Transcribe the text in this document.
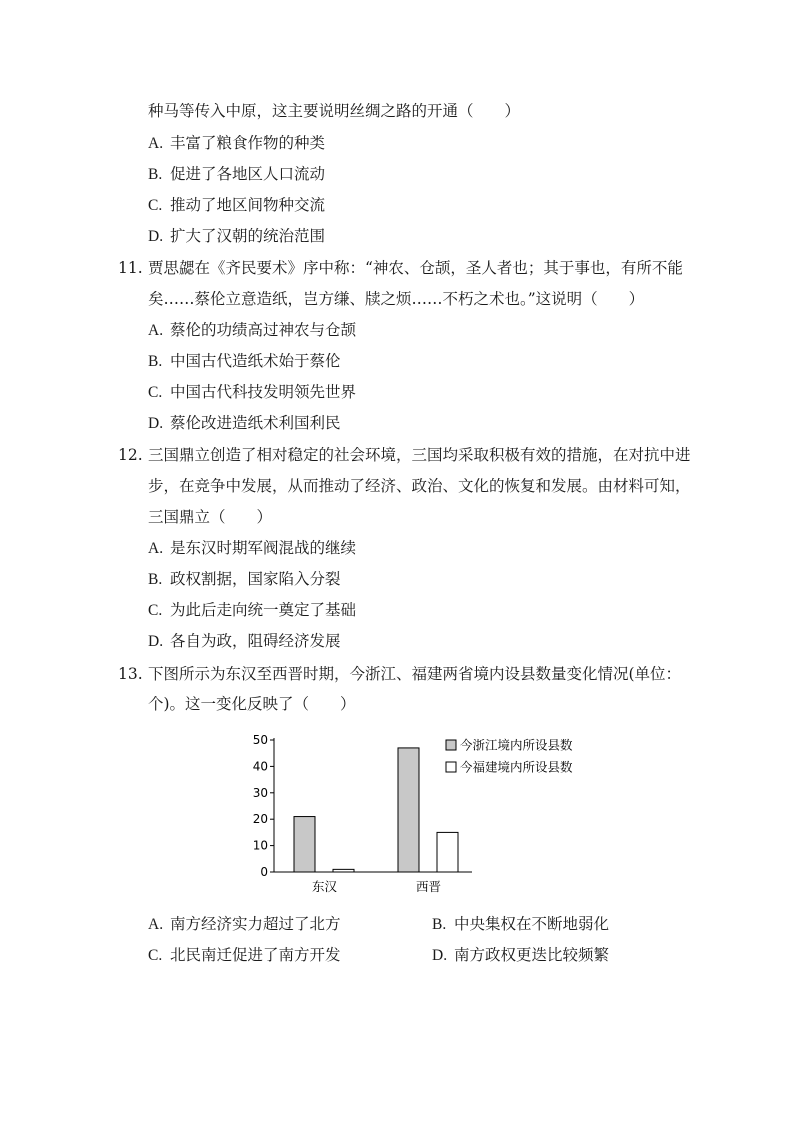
种马等传入中原，这主要说明丝绸之路的开通（　　）
A. 丰富了粮食作物的种类
B. 促进了各地区人口流动
C. 推动了地区间物种交流
D. 扩大了汉朝的统治范围
11. 贾思勰在《齐民要术》序中称：“神农、仓颉，圣人者也；其于事也，有所不能
矣……蔡伦立意造纸，岂方缣、牍之烦……不朽之术也。”这说明（　　）
A. 蔡伦的功绩高过神农与仓颉
B. 中国古代造纸术始于蔡伦
C. 中国古代科技发明领先世界
D. 蔡伦改进造纸术利国利民
12. 三国鼎立创造了相对稳定的社会环境，三国均采取积极有效的措施，在对抗中进
步，在竞争中发展，从而推动了经济、政治、文化的恢复和发展。由材料可知，
三国鼎立（　　）
A. 是东汉时期军阀混战的继续
B. 政权割据，国家陷入分裂
C. 为此后走向统一奠定了基础
D. 各自为政，阻碍经济发展
13. 下图所示为东汉至西晋时期，今浙江、福建两省境内设县数量变化情况(单位：
个)。这一变化反映了（　　）
0
10
20
30
40
50
东汉	西晋
今浙江境内所设县数
今福建境内所设县数
A. 南方经济实力超过了北方	B. 中央集权在不断地弱化
C. 北民南迁促进了南方开发	D. 南方政权更迭比较频繁
